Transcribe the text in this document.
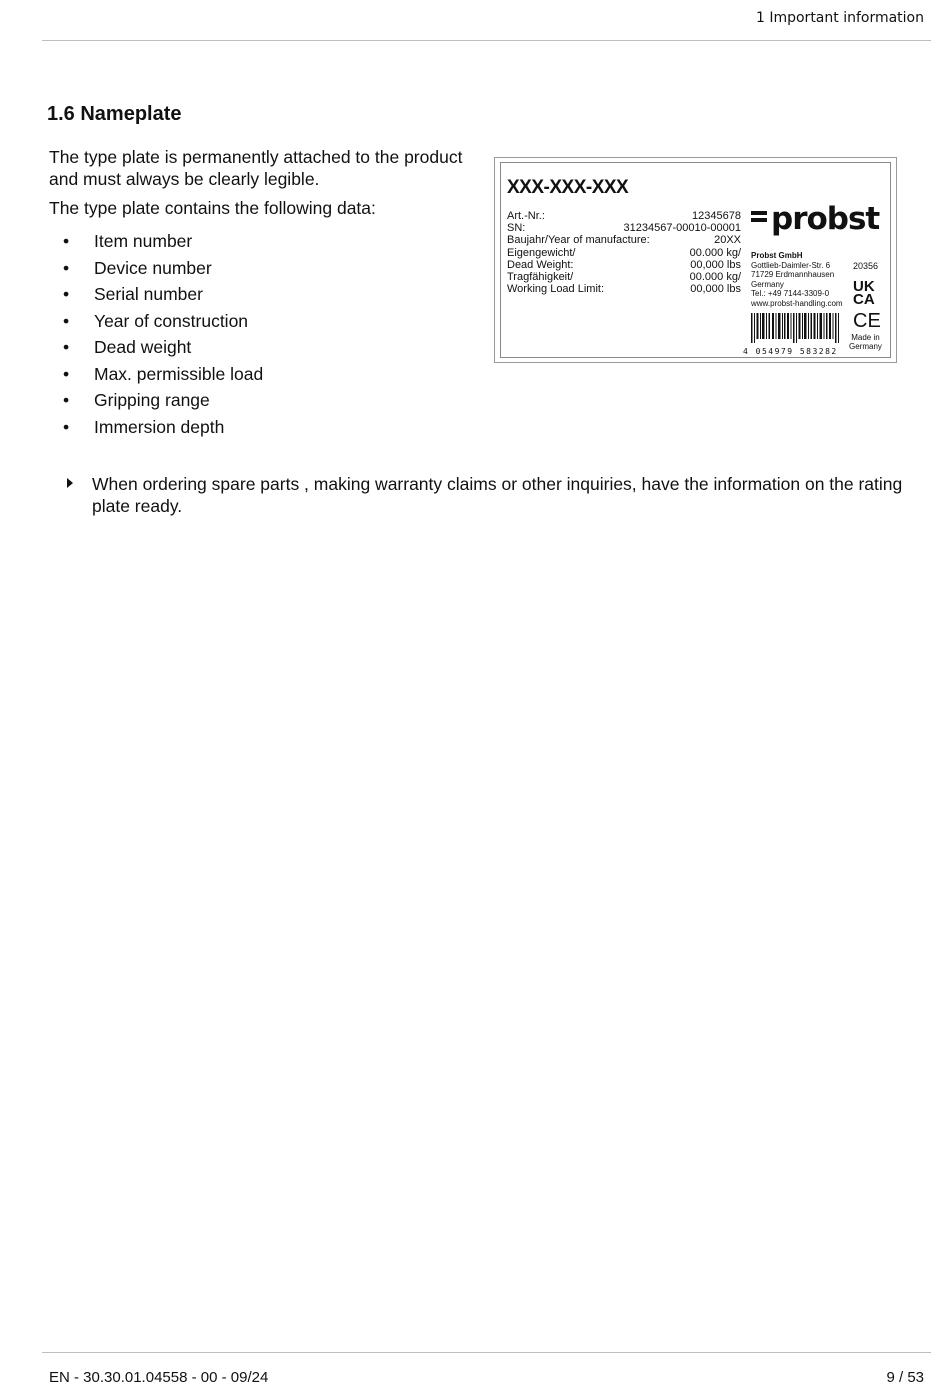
1 Important information
1.6 Nameplate

The type plate is permanently attached to the product and must always be clearly legible.

The type plate contains the following data:

• Item number
• Device number
• Serial number
• Year of construction
• Dead weight
• Max. permissible load
• Gripping range
• Immersion depth
XXX-XXX-XXX
Art.-Nr.:	12345678
SN:	31234567-00010-00001
Baujahr/Year of manufacture:	20XX
Eigengewicht/	00.000 kg/
Dead Weight:	00,000 lbs
Tragfähigkeit/	00.000 kg/
Working Load Limit:	00,000 lbs
probst
Probst GmbH
Gottlieb-Daimler-Str. 6
71729 Erdmannhausen
Germany
Tel.: +49 7144-3309-0
www.probst-handling.com
20356
UK
CA
CE
Made in
Germany
4 054979 583282
When ordering spare parts , making warranty claims or other inquiries, have the information on the rating plate ready.
EN - 30.30.01.04558 - 00 - 09/24	9 / 53
